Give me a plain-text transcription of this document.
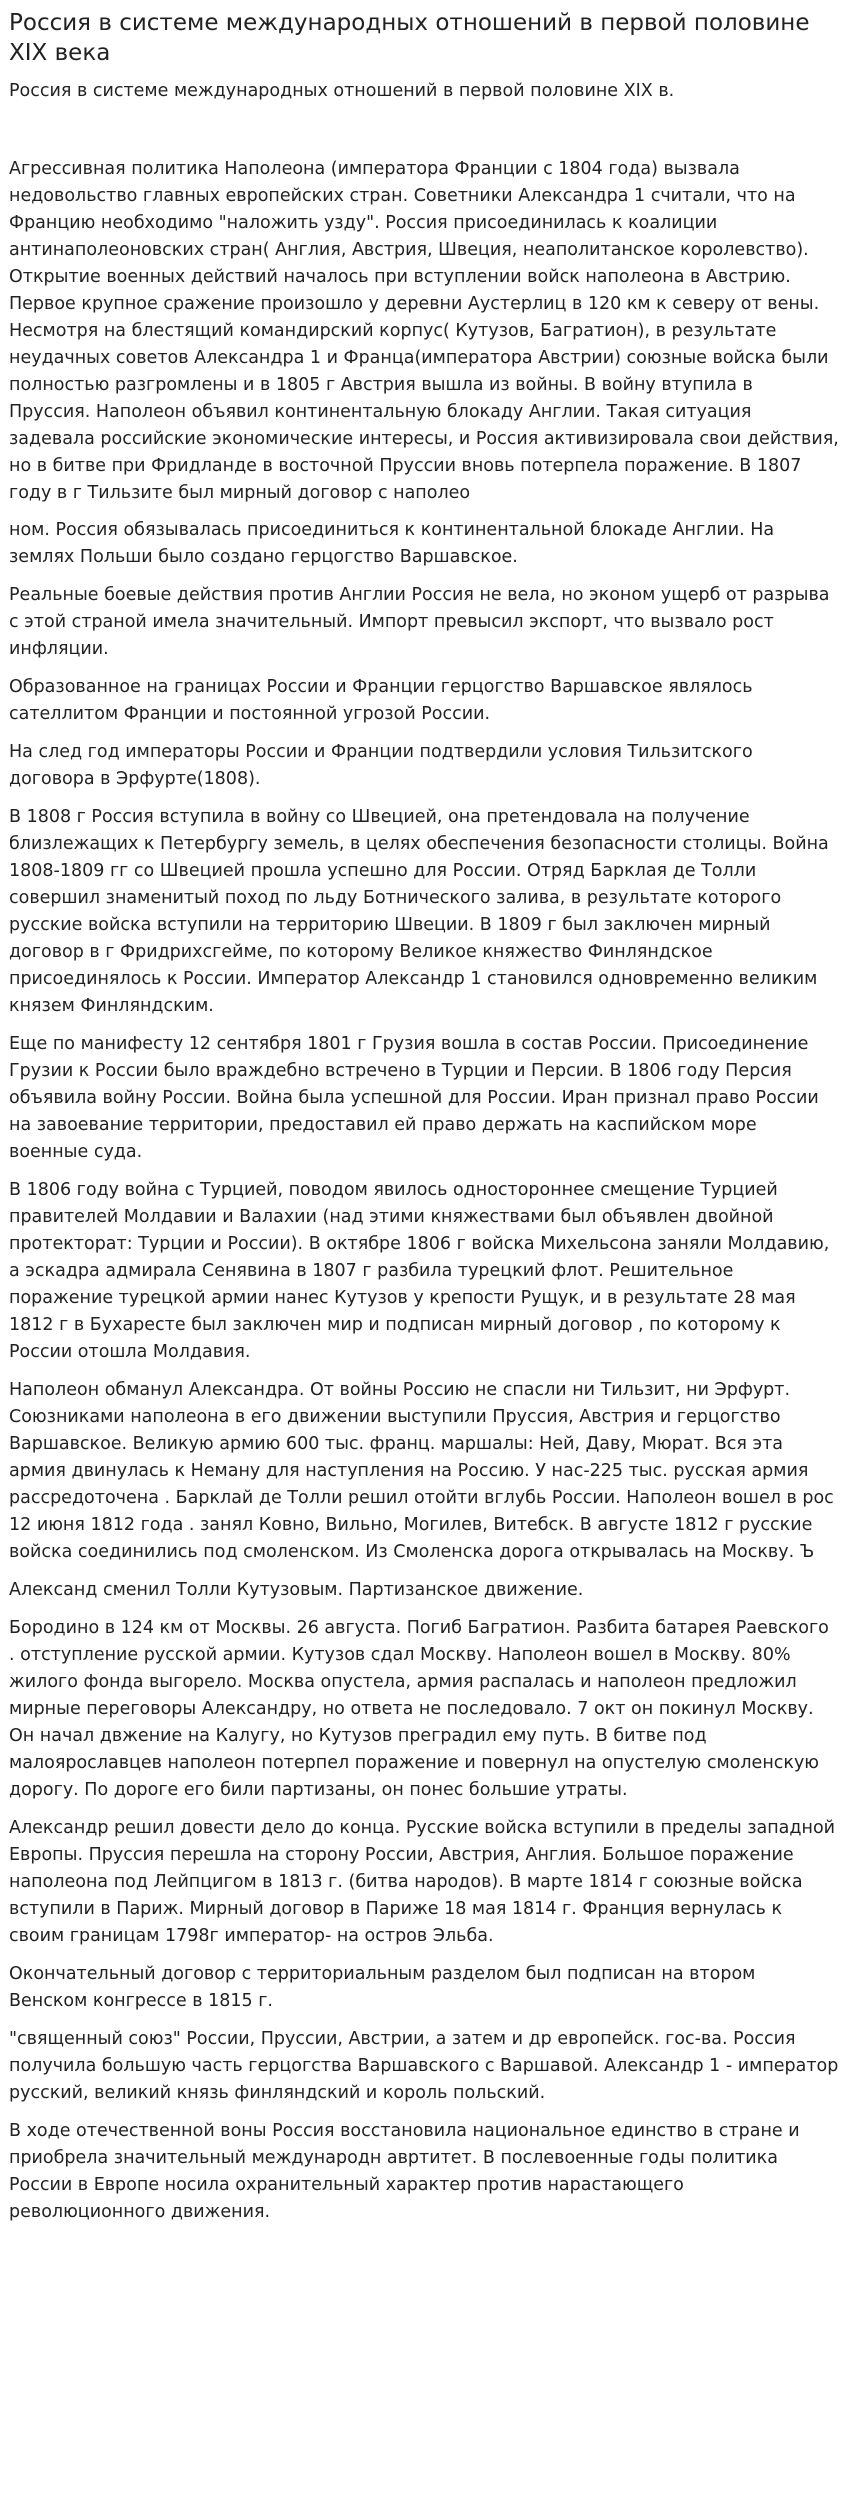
Россия в системе международных отношений в первой половине XIX века

Россия в системе международных отношений в первой половине XIX в.

Агрессивная политика Наполеона (императора Франции с 1804 года) вызвала недовольство главных европейских стран. Советники Александра 1 считали, что на Францию необходимо "наложить узду". Россия присоединилась к коалиции антинаполеоновских стран( Англия, Австрия, Швеция, неаполитанское королевство). Открытие военных действий началось при вступлении войск наполеона в Австрию. Первое крупное сражение произошло у деревни Аустерлиц в 120 км к северу от вены. Несмотря на блестящий командирский корпус( Кутузов, Багратион), в результате неудачных советов Александра 1 и Франца(императора Австрии) союзные войска были полностью разгромлены и в 1805 г Австрия вышла из войны. В войну втупила в Пруссия. Наполеон объявил континентальную блокаду Англии. Такая ситуация задевала российские экономические интересы, и Россия активизировала свои действия, но в битве при Фридланде в восточной Пруссии вновь потерпела поражение. В 1807 году в г Тильзите был мирный договор с наполео

ном. Россия обязывалась присоединиться к континентальной блокаде Англии. На землях Польши было создано герцогство Варшавское.

Реальные боевые действия против Англии Россия не вела, но эконом ущерб от разрыва с этой страной имела значительный. Импорт превысил экспорт, что вызвало рост инфляции.

Образованное на границах России и Франции герцогство Варшавское являлось сателлитом Франции и постоянной угрозой России.

На след год императоры России и Франции подтвердили условия Тильзитского договора в Эрфурте(1808).

В 1808 г Россия вступила в войну со Швецией, она претендовала на получение близлежащих к Петербургу земель, в целях обеспечения безопасности столицы. Война 1808-1809 гг со Швецией прошла успешно для России. Отряд Барклая де Толли совершил знаменитый поход по льду Ботнического залива, в результате которого русские войска вступили на территорию Швеции. В 1809 г был заключен мирный договор в г Фридрихсгейме, по которому Великое княжество Финляндское присоединялось к России. Император Александр 1 становился одновременно великим князем Финляндским.

Еще по манифесту 12 сентября 1801 г Грузия вошла в состав России. Присоединение Грузии к России было враждебно встречено в Турции и Персии. В 1806 году Персия объявила войну России. Война была успешной для России. Иран признал право России на завоевание территории, предоставил ей право держать на каспийском море военные суда.

В 1806 году война с Турцией, поводом явилось одностороннее смещение Турцией правителей Молдавии и Валахии (над этими княжествами был объявлен двойной протекторат: Турции и России). В октябре 1806 г войска Михельсона заняли Молдавию, а эскадра адмирала Сенявина в 1807 г разбила турецкий флот. Решительное поражение турецкой армии нанес Кутузов у крепости Рущук, и в результате 28 мая 1812 г в Бухаресте был заключен мир и подписан мирный договор , по которому к России отошла Молдавия.

Наполеон обманул Александра. От войны Россию не спасли ни Тильзит, ни Эрфурт. Союзниками наполеона в его движении выступили Пруссия, Австрия и герцогство Варшавское. Великую армию 600 тыс. франц. маршалы: Ней, Даву, Мюрат. Вся эта армия двинулась к Неману для наступления на Россию. У нас-225 тыс. русская армия рассредоточена . Барклай де Толли решил отойти вглубь России. Наполеон вошел в рос 12 июня 1812 года . занял Ковно, Вильно, Могилев, Витебск. В августе 1812 г русские войска соединились под смоленском. Из Смоленска дорога открывалась на Москву. Ъ

Александ сменил Толли Кутузовым. Партизанское движение.

Бородино в 124 км от Москвы. 26 августа. Погиб Багратион. Разбита батарея Раевского . отступление русской армии. Кутузов сдал Москву. Наполеон вошел в Москву. 80% жилого фонда выгорело. Москва опустела, армия распалась и наполеон предложил мирные переговоры Александру, но ответа не последовало. 7 окт он покинул Москву. Он начал двжение на Калугу, но Кутузов преградил ему путь. В битве под малоярославцев наполеон потерпел поражение и повернул на опустелую смоленскую дорогу. По дороге его били партизаны, он понес большие утраты.

Александр решил довести дело до конца. Русские войска вступили в пределы западной Европы. Пруссия перешла на сторону России, Австрия, Англия. Большое поражение наполеона под Лейпцигом в 1813 г. (битва народов). В марте 1814 г союзные войска вступили в Париж. Мирный договор в Париже 18 мая 1814 г. Франция вернулась к своим границам 1798г император- на остров Эльба.

Окончательный договор с территориальным разделом был подписан на втором Венском конгрессе в 1815 г.

"священный союз" России, Пруссии, Австрии, а затем и др европейск. гос-ва. Россия получила большую часть герцогства Варшавского с Варшавой. Александр 1 - император русский, великий князь финляндский и король польский.

В ходе отечественной воны Россия восстановила национальное единство в стране и приобрела значительный международн авртитет. В послевоенные годы политика России в Европе носила охранительный характер против нарастающего революционного движения.
